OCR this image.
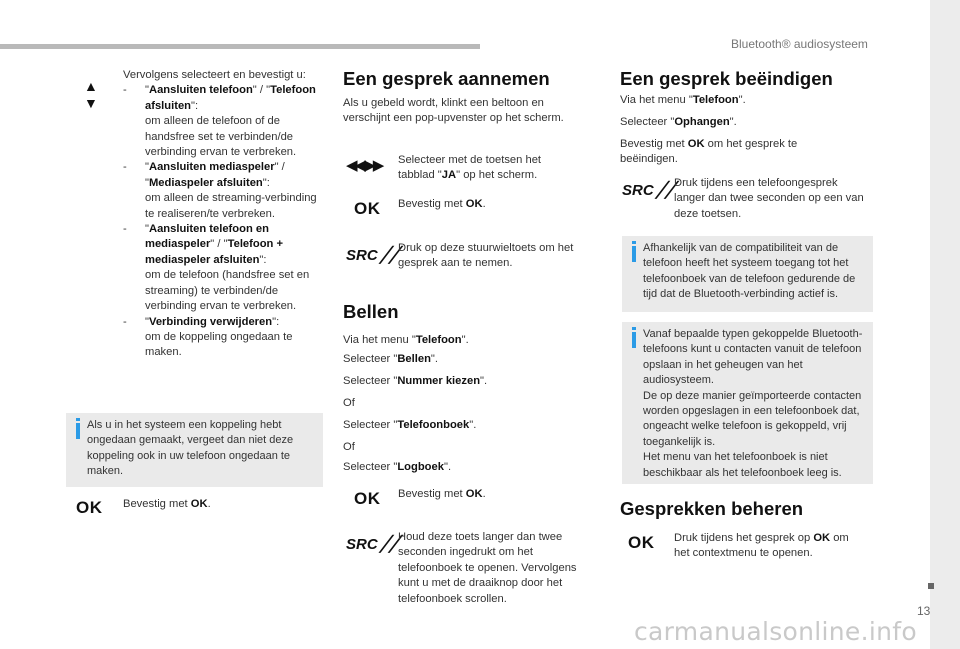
Bluetooth® audiosysteem
13
carmanualsonline.info
▲
▼
Vervolgens selecteert en bevestigt u:
- "Aansluiten telefoon" / "Telefoon afsluiten":
om alleen de telefoon of de handsfree set te verbinden/de verbinding ervan te verbreken.
- "Aansluiten mediaspeler" / "Mediaspeler afsluiten":
om alleen de streaming-verbinding te realiseren/te verbreken.
- "Aansluiten telefoon en mediaspeler" / "Telefoon + mediaspeler afsluiten":
om de telefoon (handsfree set en streaming) te verbinden/de verbinding ervan te verbreken.
- "Verbinding verwijderen":
om de koppeling ongedaan te maken.
Als u in het systeem een koppeling hebt ongedaan gemaakt, vergeet dan niet deze koppeling ook in uw telefoon ongedaan te maken.
OK Bevestig met OK.
Een gesprek aannemen
Als u gebeld wordt, klinkt een beltoon en verschijnt een pop-upvenster op het scherm.
◀◀ ▶▶ Selecteer met de toetsen het tabblad "JA" op het scherm.
OK Bevestig met OK.
SRC ╱╱ Druk op deze stuurwieltoets om het gesprek aan te nemen.
Bellen
Via het menu "Telefoon".
Selecteer "Bellen".
Selecteer "Nummer kiezen".
Of
Selecteer "Telefoonboek".
Of
Selecteer "Logboek".
OK Bevestig met OK.
SRC ╱╱ Houd deze toets langer dan twee seconden ingedrukt om het telefoonboek te openen. Vervolgens kunt u met de draaiknop door het telefoonboek scrollen.
Een gesprek beëindigen
Via het menu "Telefoon".
Selecteer "Ophangen".
Bevestig met OK om het gesprek te beëindigen.
SRC ╱╱ Druk tijdens een telefoongesprek langer dan twee seconden op een van deze toetsen.
Afhankelijk van de compatibiliteit van de telefoon heeft het systeem toegang tot het telefoonboek van de telefoon gedurende de tijd dat de Bluetooth-verbinding actief is.
Vanaf bepaalde typen gekoppelde Bluetooth-telefoons kunt u contacten vanuit de telefoon opslaan in het geheugen van het audiosysteem.
De op deze manier geïmporteerde contacten worden opgeslagen in een telefoonboek dat, ongeacht welke telefoon is gekoppeld, vrij toegankelijk is.
Het menu van het telefoonboek is niet beschikbaar als het telefoonboek leeg is.
Gesprekken beheren
OK Druk tijdens het gesprek op OK om het contextmenu te openen.
